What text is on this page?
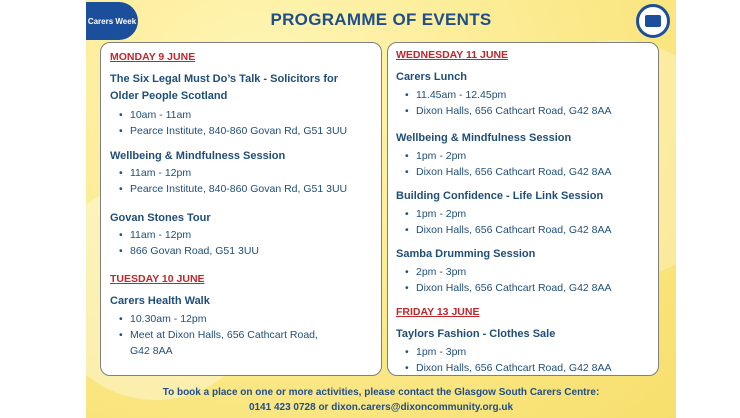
Carers Week	PROGRAMME OF EVENTS
MONDAY 9 JUNE
The Six Legal Must Do’s Talk - Solicitors for
Older People Scotland
• 10am - 11am
• Pearce Institute, 840-860 Govan Rd, G51 3UU
Wellbeing & Mindfulness Session
• 11am - 12pm
• Pearce Institute, 840-860 Govan Rd, G51 3UU
Govan Stones Tour
• 11am - 12pm
• 866 Govan Road, G51 3UU
TUESDAY 10 JUNE
Carers Health Walk
• 10.30am - 12pm
• Meet at Dixon Halls, 656 Cathcart Road,
G42 8AA
WEDNESDAY 11 JUNE
Carers Lunch
• 11.45am - 12.45pm
• Dixon Halls, 656 Cathcart Road, G42 8AA
Wellbeing & Mindfulness Session
• 1pm - 2pm
• Dixon Halls, 656 Cathcart Road, G42 8AA
Building Confidence - Life Link Session
• 1pm - 2pm
• Dixon Halls, 656 Cathcart Road, G42 8AA
Samba Drumming Session
• 2pm - 3pm
• Dixon Halls, 656 Cathcart Road, G42 8AA
FRIDAY 13 JUNE
Taylors Fashion - Clothes Sale
• 1pm - 3pm
• Dixon Halls, 656 Cathcart Road, G42 8AA
To book a place on one or more activities, please contact the Glasgow South Carers Centre:
0141 423 0728 or dixon.carers@dixoncommunity.org.uk
